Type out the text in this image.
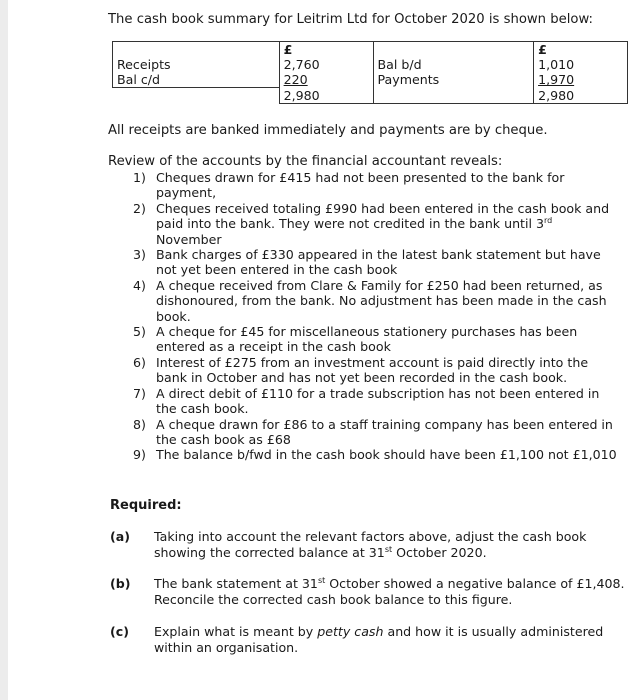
The cash book summary for Leitrim Ltd for October 2020 is shown below:
	£		£
Receipts	2,760	Bal b/d	1,010
Bal c/d	220	Payments	1,970
	2,980		2,980
All receipts are banked immediately and payments are by cheque.
Review of the accounts by the financial accountant reveals:
1) Cheques drawn for £415 had not been presented to the bank for payment,
2) Cheques received totaling £990 had been entered in the cash book and paid into the bank. They were not credited in the bank until 3rd
November
3) Bank charges of £330 appeared in the latest bank statement but have not yet been entered in the cash book
4) A cheque received from Clare & Family for £250 had been returned, as dishonoured, from the bank. No adjustment has been made in the cash book.
5) A cheque for £45 for miscellaneous stationery purchases has been entered as a receipt in the cash book
6) Interest of £275 from an investment account is paid directly into the bank in October and has not yet been recorded in the cash book.
7) A direct debit of £110 for a trade subscription has not been entered in the cash book.
8) A cheque drawn for £86 to a staff training company has been entered in the cash book as £68
9) The balance b/fwd in the cash book should have been £1,100 not £1,010
Required:
(a) Taking into account the relevant factors above, adjust the cash book showing the corrected balance at 31st October 2020.
(b) The bank statement at 31st October showed a negative balance of £1,408. Reconcile the corrected cash book balance to this figure.
(c) Explain what is meant by petty cash and how it is usually administered within an organisation.
